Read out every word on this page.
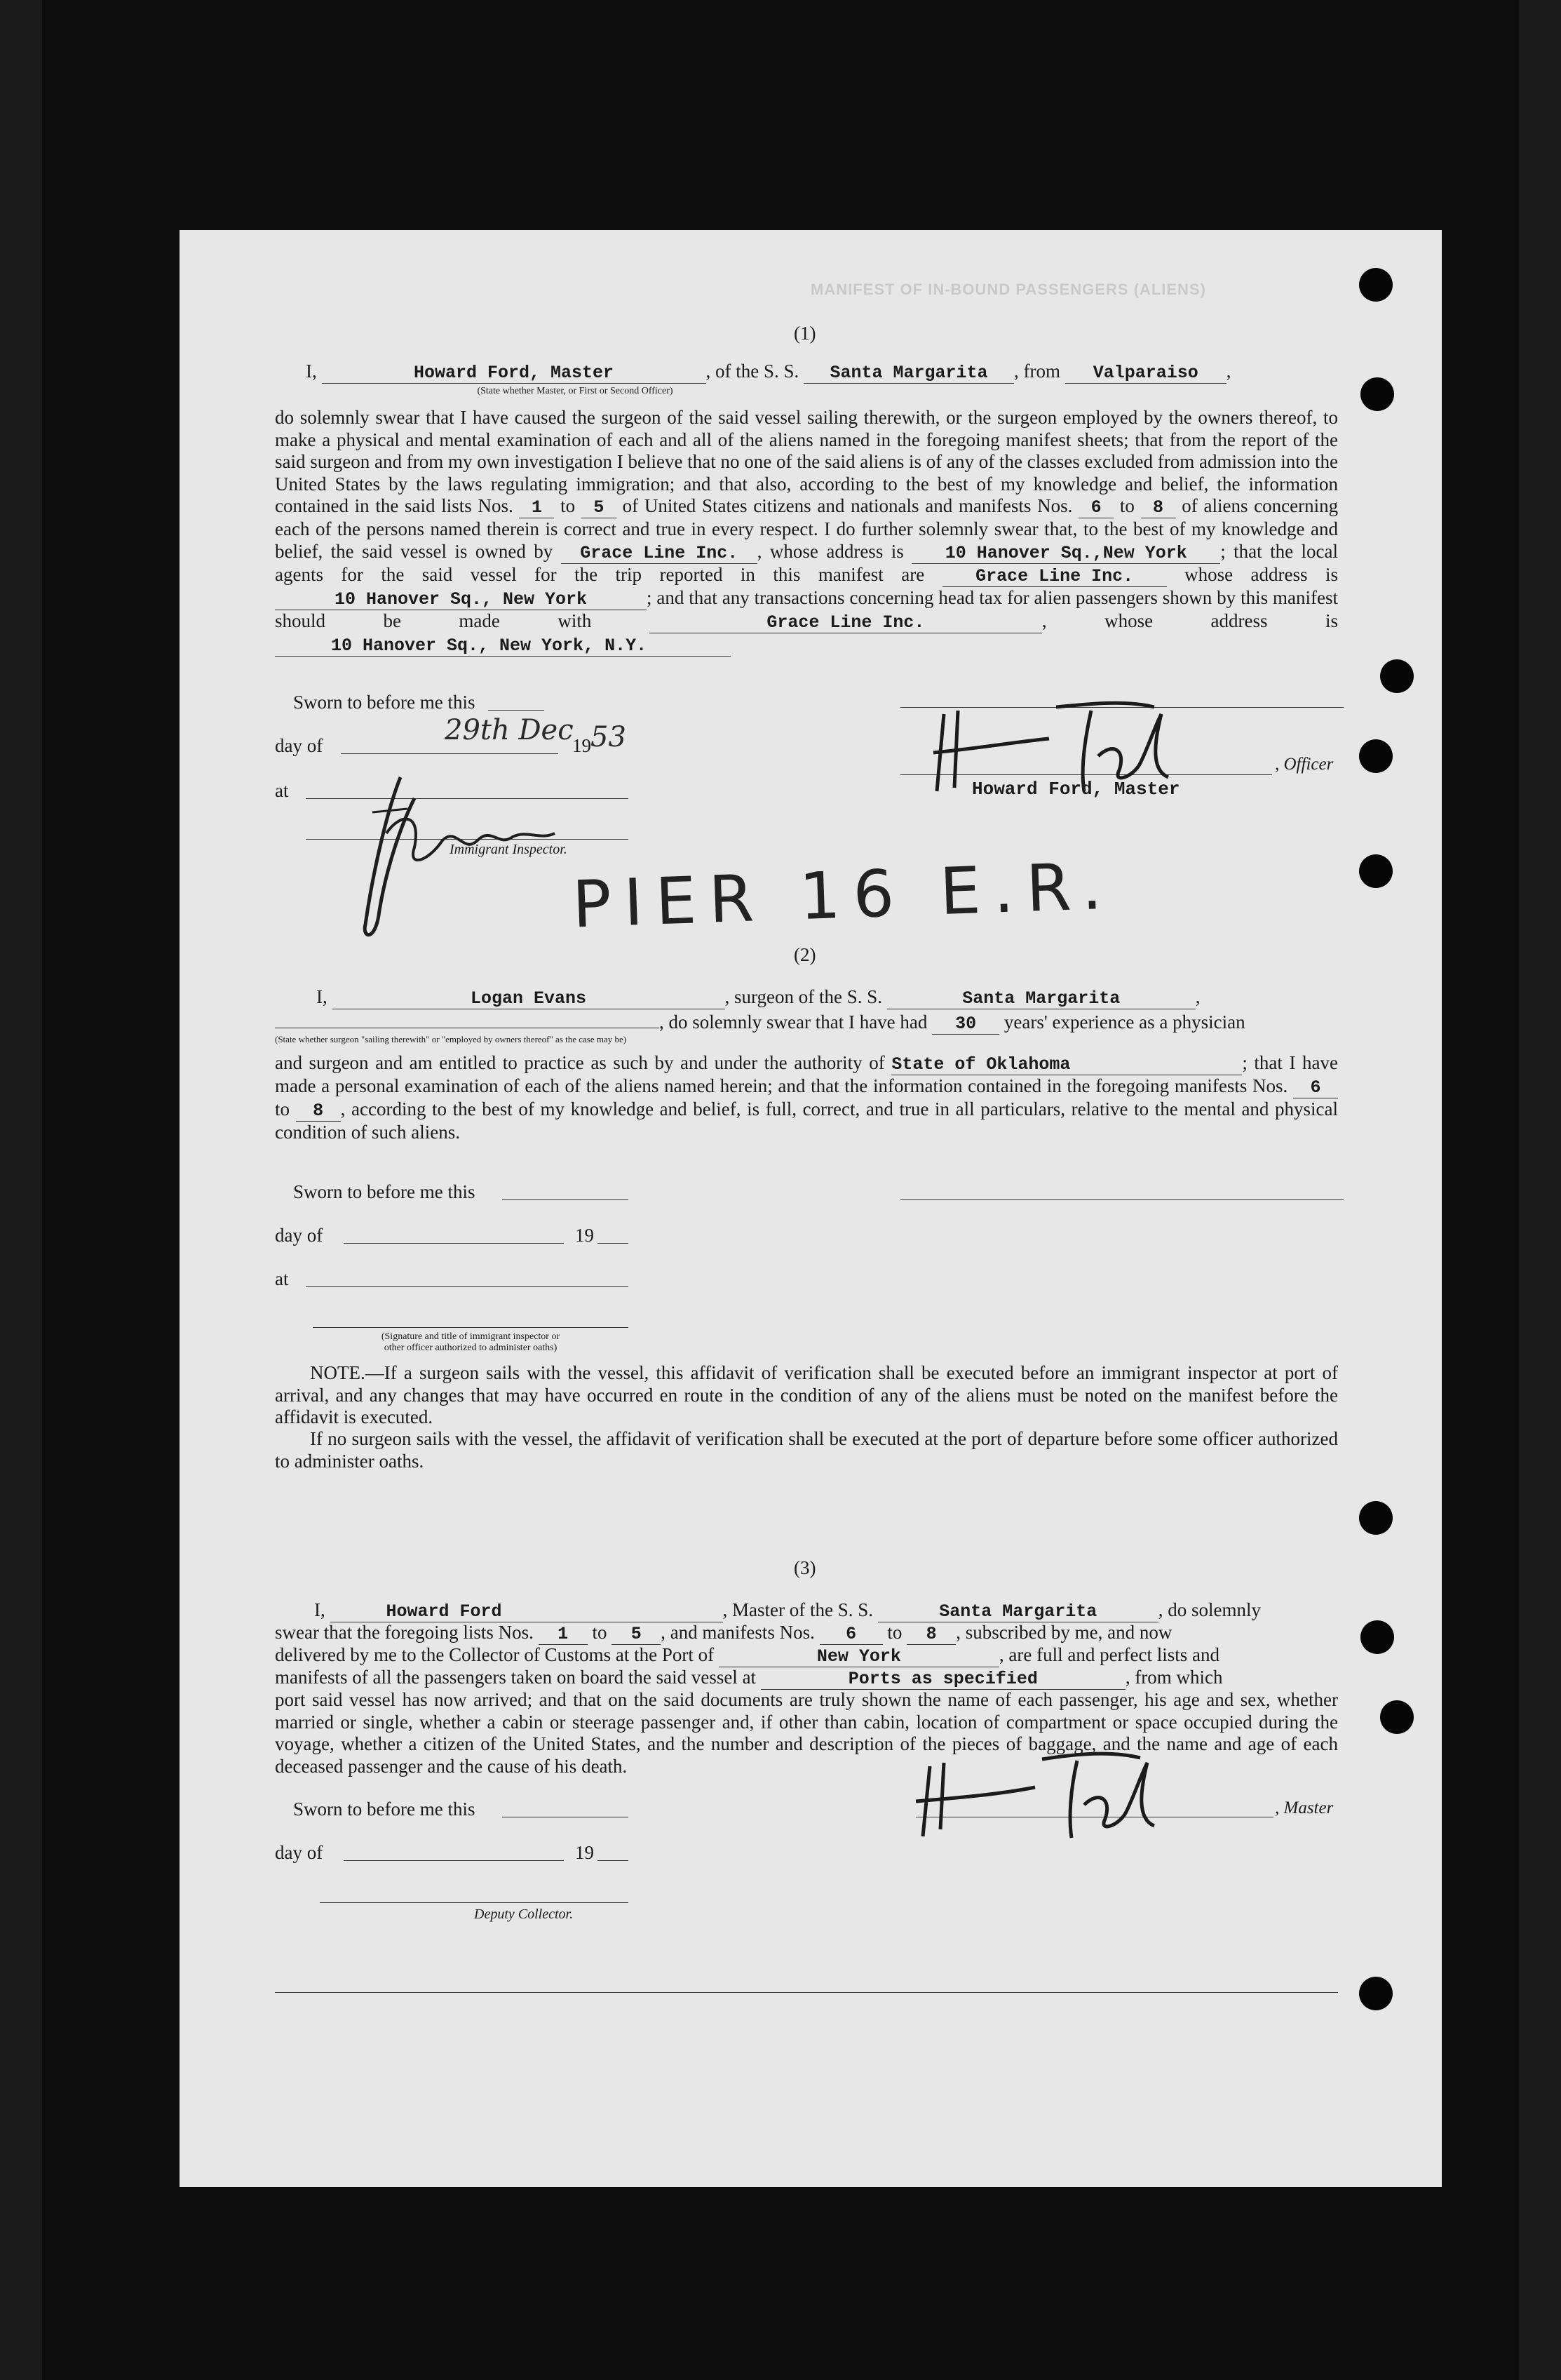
MANIFEST OF IN-BOUND PASSENGERS (ALIENS)
(1)
I,	Howard Ford, Master	, of the S. S. Santa Margarita , from Valparaiso ,
(State whether Master, or First or Second Officer)
do solemnly swear that I have caused the surgeon of the said vessel sailing therewith, or the surgeon employed by the owners thereof, to make a physical and mental examination of each and all of the aliens named in the foregoing manifest sheets; that from the report of the said surgeon and from my own investigation I believe that no one of the said aliens is of any of the classes excluded from admission into the United States by the laws regulating immigration; and that also, according to the best of my knowledge and belief, the information contained in the said lists Nos. 1 to 5 of United States citizens and nationals and manifests Nos. 6 to 8 of aliens concerning each of the persons named therein is correct and true in every respect. I do further solemnly swear that, to the best of my knowledge and belief, the said vessel is owned by Grace Line Inc. , whose address is 10 Hanover Sq.,New York ; that the local agents for the said vessel for the trip reported in this manifest are	Grace Line Inc.	whose address is 10 Hanover Sq., New York	; and that any transactions concerning head tax for alien passengers shown by this manifest should be made with	Grace Line Inc.	, whose address is 10 Hanover Sq., New York, N.Y.
Sworn to before me this
day of	29th Dec
19 53
at
Immigrant Inspector.
, Officer
Howard Ford, Master
PIER 16 E.R.
(2)
I,	Logan Evans	, surgeon of the S. S.	Santa Margarita	,
, do solemnly swear that I have had 30 years' experience as a physician
(State whether surgeon "sailing therewith" or "employed by owners thereof" as the case may be)
and surgeon and am entitled to practice as such by and under the authority of State of Oklahoma	; that I have made a personal examination of each of the aliens named herein; and that the information contained in the foregoing manifests Nos. 6 to 8 , according to the best of my knowledge and belief, is full, correct, and true in all particulars, relative to the mental and physical condition of such aliens.
Sworn to before me this
day of	19
at
(Signature and title of immigrant inspector or
other officer authorized to administer oaths)
NOTE.—If a surgeon sails with the vessel, this affidavit of verification shall be executed before an immigrant inspector at port of arrival, and any changes that may have occurred en route in the condition of any of the aliens must be noted on the manifest before the affidavit is executed.
If no surgeon sails with the vessel, the affidavit of verification shall be executed at the port of departure before some officer authorized to administer oaths.
(3)
I,	Howard Ford	, Master of the S. S.	Santa Margarita	, do solemnly
swear that the foregoing lists Nos. 1 to 5 , and manifests Nos. 6 to 8 , subscribed by me, and now
delivered by me to the Collector of Customs at the Port of	New York	, are full and perfect lists and
manifests of all the passengers taken on board the said vessel at	Ports as specified	, from which
port said vessel has now arrived; and that on the said documents are truly shown the name of each passenger, his age and sex, whether married or single, whether a cabin or steerage passenger and, if other than cabin, location of compartment or space occupied during the voyage, whether a citizen of the United States, and the number and description of the pieces of baggage, and the name and age of each deceased passenger and the cause of his death.
Sworn to before me this	, Master
day of	19
Deputy Collector.
